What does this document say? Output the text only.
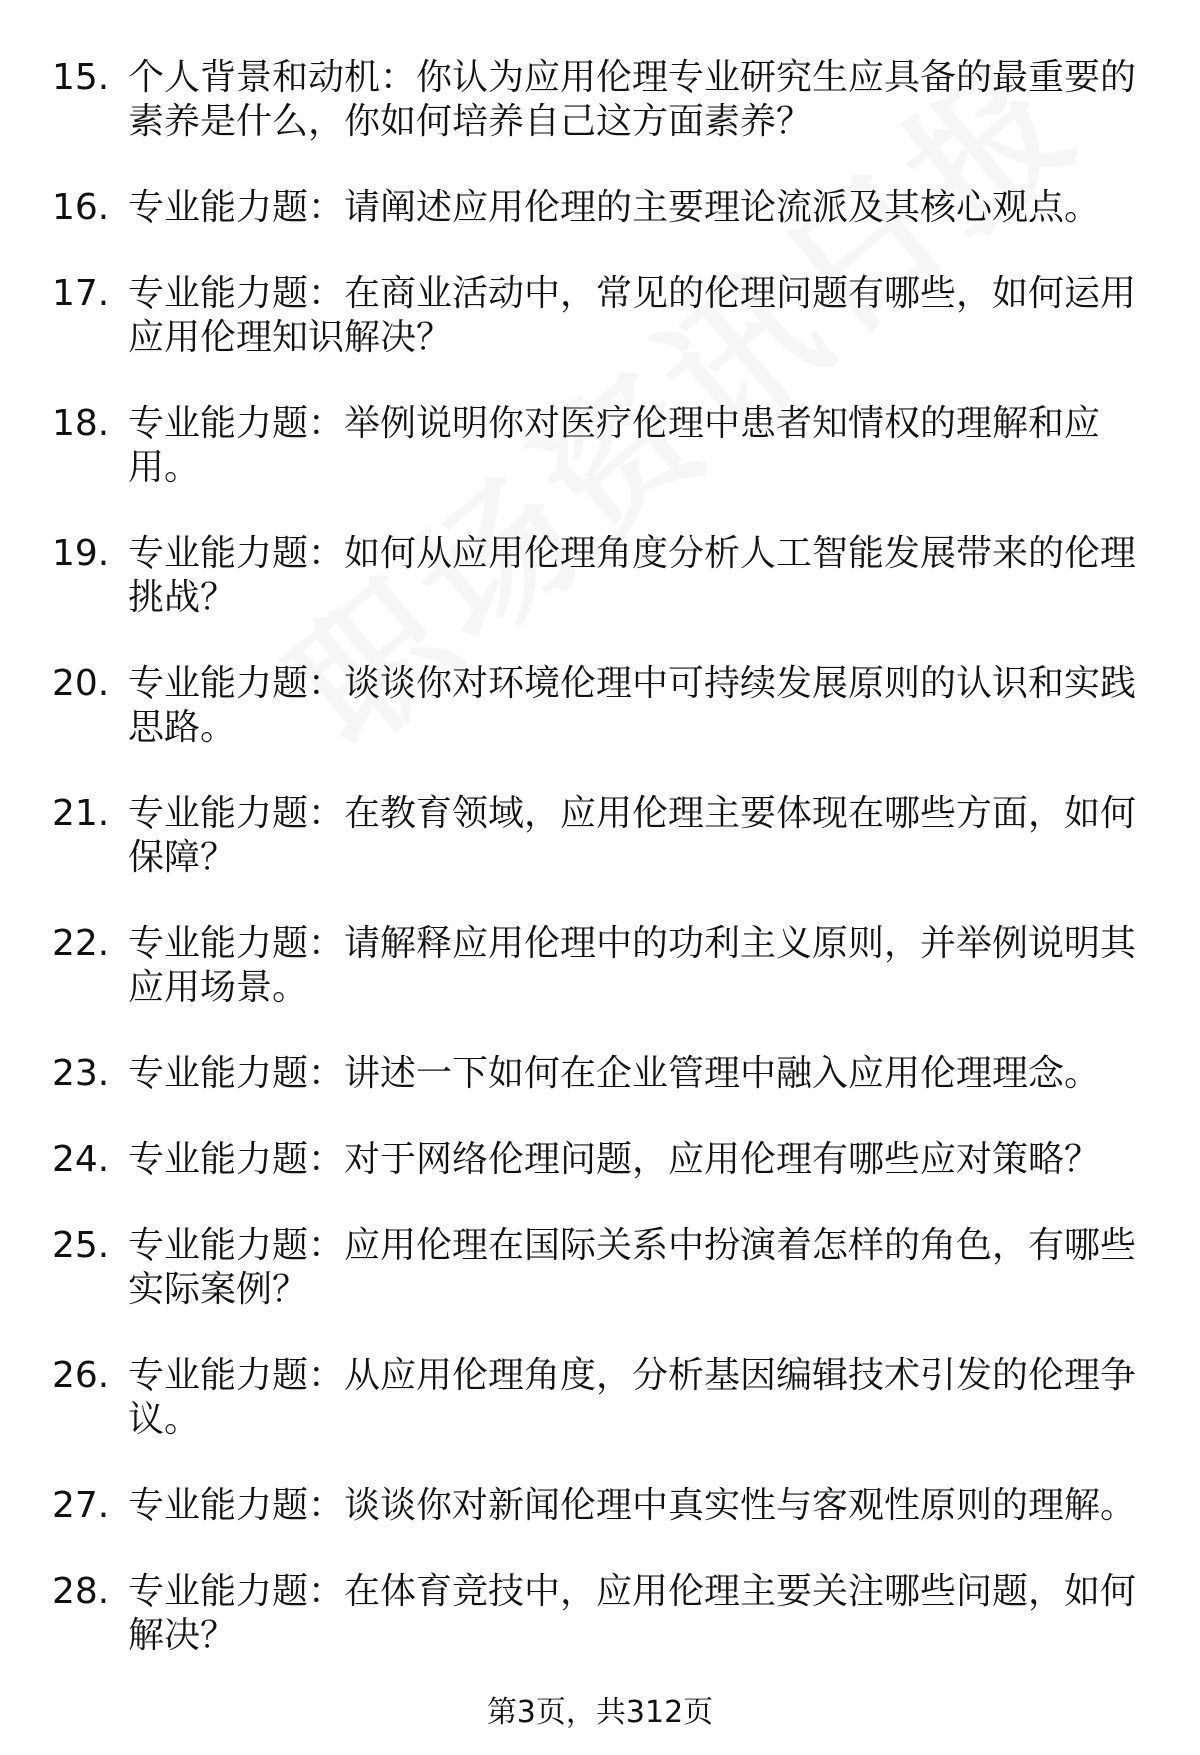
15. 个人背景和动机：你认为应用伦理专业研究生应具备的最重要的素养是什么，你如何培养自己这方面素养？
16. 专业能力题：请阐述应用伦理的主要理论流派及其核心观点。
17. 专业能力题：在商业活动中，常见的伦理问题有哪些，如何运用应用伦理知识解决？
18. 专业能力题：举例说明你对医疗伦理中患者知情权的理解和应用。
19. 专业能力题：如何从应用伦理角度分析人工智能发展带来的伦理挑战？
20. 专业能力题：谈谈你对环境伦理中可持续发展原则的认识和实践思路。
21. 专业能力题：在教育领域，应用伦理主要体现在哪些方面，如何保障？
22. 专业能力题：请解释应用伦理中的功利主义原则，并举例说明其应用场景。
23. 专业能力题：讲述一下如何在企业管理中融入应用伦理理念。
24. 专业能力题：对于网络伦理问题，应用伦理有哪些应对策略？
25. 专业能力题：应用伦理在国际关系中扮演着怎样的角色，有哪些实际案例？
26. 专业能力题：从应用伦理角度，分析基因编辑技术引发的伦理争议。
27. 专业能力题：谈谈你对新闻伦理中真实性与客观性原则的理解。
28. 专业能力题：在体育竞技中，应用伦理主要关注哪些问题，如何解决？
第3页，共312页
